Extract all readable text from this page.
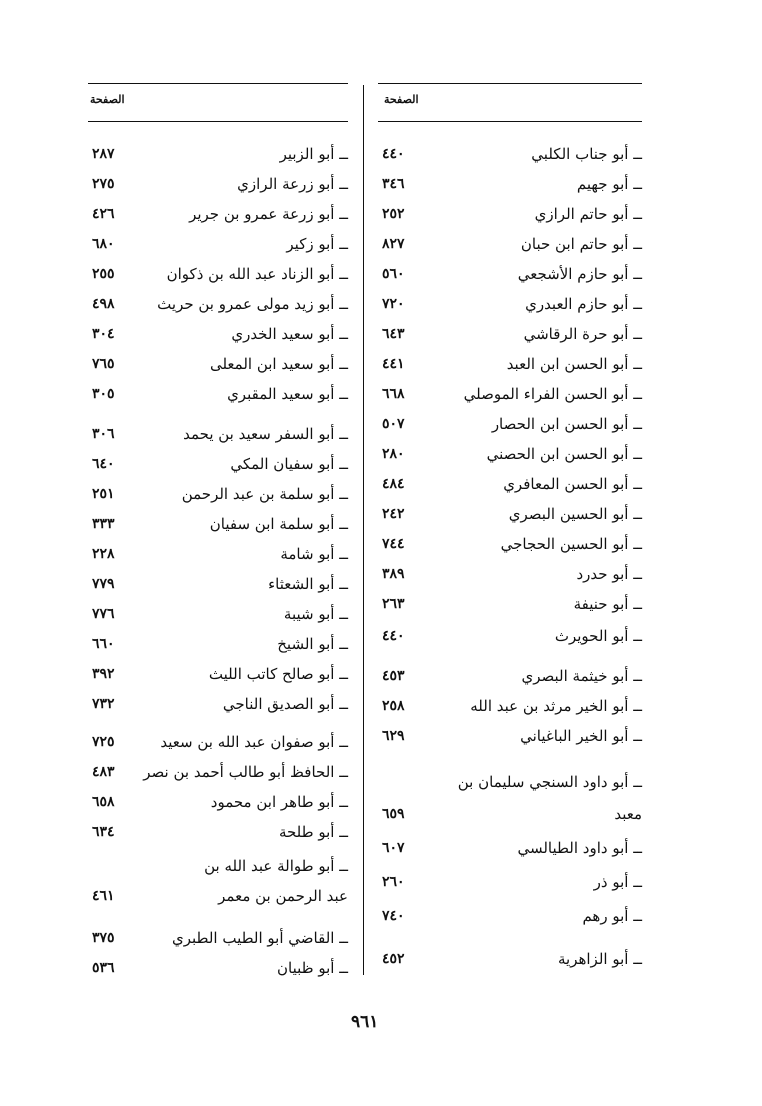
الصفحة
ــ أبو جناب الكلبي
٤٤٠
ــ أبو جهيم
٣٤٦
ــ أبو حاتم الرازي
٢٥٢
ــ أبو حاتم ابن حبان
٨٢٧
ــ أبو حازم الأشجعي
٥٦٠
ــ أبو حازم العبدري
٧٢٠
ــ أبو حرة الرقاشي
٦٤٣
ــ أبو الحسن ابن العبد
٤٤١
ــ أبو الحسن الفراء الموصلي
٦٦٨
ــ أبو الحسن ابن الحصار
٥٠٧
ــ أبو الحسن ابن الحصني
٢٨٠
ــ أبو الحسن المعافري
٤٨٤
ــ أبو الحسين البصري
٢٤٢
ــ أبو الحسين الحجاجي
٧٤٤
ــ أبو حدرد
٣٨٩
ــ أبو حنيفة
٢٦٣
ــ أبو الحويرث
٤٤٠
ــ أبو خيثمة البصري
٤٥٣
ــ أبو الخير مرثد بن عبد الله
٢٥٨
ــ أبو الخير الباغياني
٦٢٩
ــ أبو داود السنجي سليمان بن
معبد
٦٥٩
ــ أبو داود الطيالسي
٦٠٧
ــ أبو ذر
٢٦٠
ــ أبو رهم
٧٤٠
ــ أبو الزاهرية
٤٥٢
الصفحة
ــ أبو الزبير
٢٨٧
ــ أبو زرعة الرازي
٢٧٥
ــ أبو زرعة عمرو بن جرير
٤٢٦
ــ أبو زكير
٦٨٠
ــ أبو الزناد عبد الله بن ذكوان
٢٥٥
ــ أبو زيد مولى عمرو بن حريث
٤٩٨
ــ أبو سعيد الخدري
٣٠٤
ــ أبو سعيد ابن المعلى
٧٦٥
ــ أبو سعيد المقبري
٣٠٥
ــ أبو السفر سعيد بن يحمد
٣٠٦
ــ أبو سفيان المكي
٦٤٠
ــ أبو سلمة بن عبد الرحمن
٢٥١
ــ أبو سلمة ابن سفيان
٣٣٣
ــ أبو شامة
٢٢٨
ــ أبو الشعثاء
٧٧٩
ــ أبو شيبة
٧٧٦
ــ أبو الشيخ
٦٦٠
ــ أبو صالح كاتب الليث
٣٩٢
ــ أبو الصديق الناجي
٧٣٢
ــ أبو صفوان عبد الله بن سعيد
٧٢٥
ــ الحافظ أبو طالب أحمد بن نصر
٤٨٣
ــ أبو طاهر ابن محمود
٦٥٨
ــ أبو طلحة
٦٣٤
ــ أبو طوالة عبد الله بن
عبد الرحمن بن معمر
٤٦١
ــ القاضي أبو الطيب الطبري
٣٧٥
ــ أبو ظبيان
٥٣٦
٩٦١
